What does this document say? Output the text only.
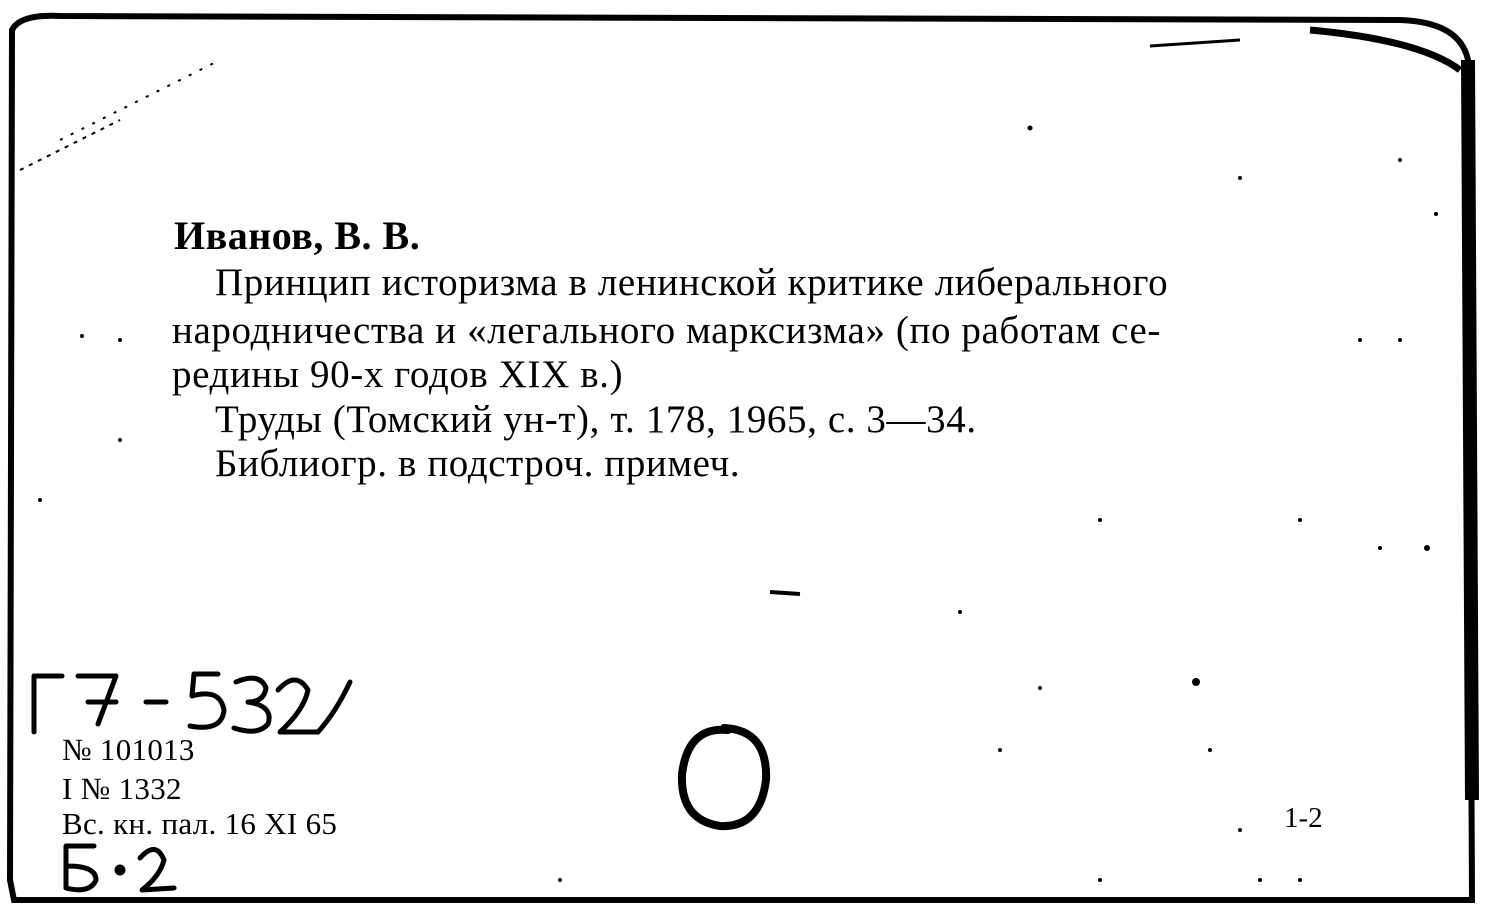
Иванов, В. В.
Принцип историзма в ленинской критике либерального
народничества и «легального марксизма» (по работам се-
редины 90-х годов XIX в.)
Труды (Томский ун-т), т. 178, 1965, с. 3—34.
Библиогр. в подстроч. примеч.
№ 101013
I № 1332
Вс. кн. пал. 16 XI 65	1-2
